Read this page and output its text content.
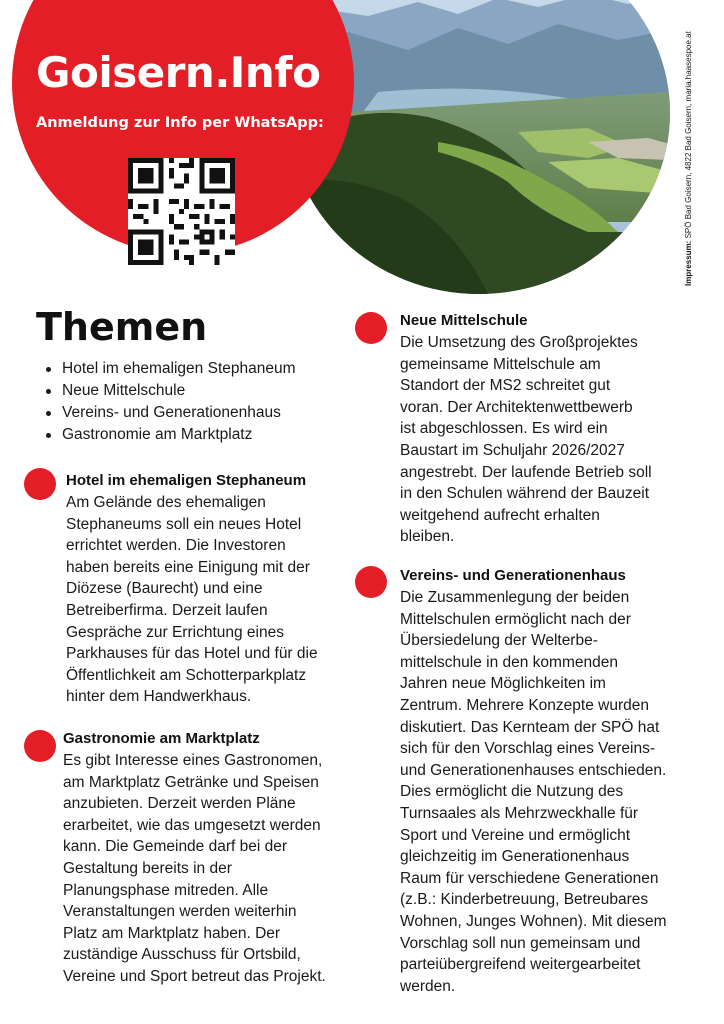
Goisern.Info
Anmeldung zur Info per WhatsApp:
Impressum: SPÖ Bad Goisern, 4822 Bad Goisern, maria.haasespoe.at
Themen
Hotel im ehemaligen Stephaneum
Neue Mittelschule
Vereins- und Generationenhaus
Gastronomie am Marktplatz
Hotel im ehemaligen Stephaneum

Am Gelände des ehemaligen
Stephaneums soll ein neues Hotel
errichtet werden. Die Investoren
haben bereits eine Einigung mit der
Diözese (Baurecht) und eine
Betreiberfirma. Derzeit laufen
Gespräche zur Errichtung eines
Parkhauses für das Hotel und für die
Öffentlichkeit am Schotterparkplatz
hinter dem Handwerkhaus.

Gastronomie am Marktplatz

Es gibt Interesse eines Gastronomen,
am Marktplatz Getränke und Speisen
anzubieten. Derzeit werden Pläne
erarbeitet, wie das umgesetzt werden
kann. Die Gemeinde darf bei der
Gestaltung bereits in der
Planungsphase mitreden. Alle
Veranstaltungen werden weiterhin
Platz am Marktplatz haben. Der
zuständige Ausschuss für Ortsbild,
Vereine und Sport betreut das Projekt.

Neue Mittelschule

Die Umsetzung des Großprojektes
gemeinsame Mittelschule am
Standort der MS2 schreitet gut
voran. Der Architektenwettbewerb
ist abgeschlossen. Es wird ein
Baustart im Schuljahr 2026/2027
angestrebt. Der laufende Betrieb soll
in den Schulen während der Bauzeit
weitgehend aufrecht erhalten
bleiben.

Vereins- und Generationenhaus

Die Zusammenlegung der beiden
Mittelschulen ermöglicht nach der
Übersiedelung der Welterbe-
mittelschule in den kommenden
Jahren neue Möglichkeiten im
Zentrum. Mehrere Konzepte wurden
diskutiert. Das Kernteam der SPÖ hat
sich für den Vorschlag eines Vereins-
und Generationenhauses entschieden.
Dies ermöglicht die Nutzung des
Turnsaales als Mehrzweckhalle für
Sport und Vereine und ermöglicht
gleichzeitig im Generationenhaus
Raum für verschiedene Generationen
(z.B.: Kinderbetreuung, Betreubares
Wohnen, Junges Wohnen). Mit diesem
Vorschlag soll nun gemeinsam und
parteiübergreifend weitergearbeitet
werden.
